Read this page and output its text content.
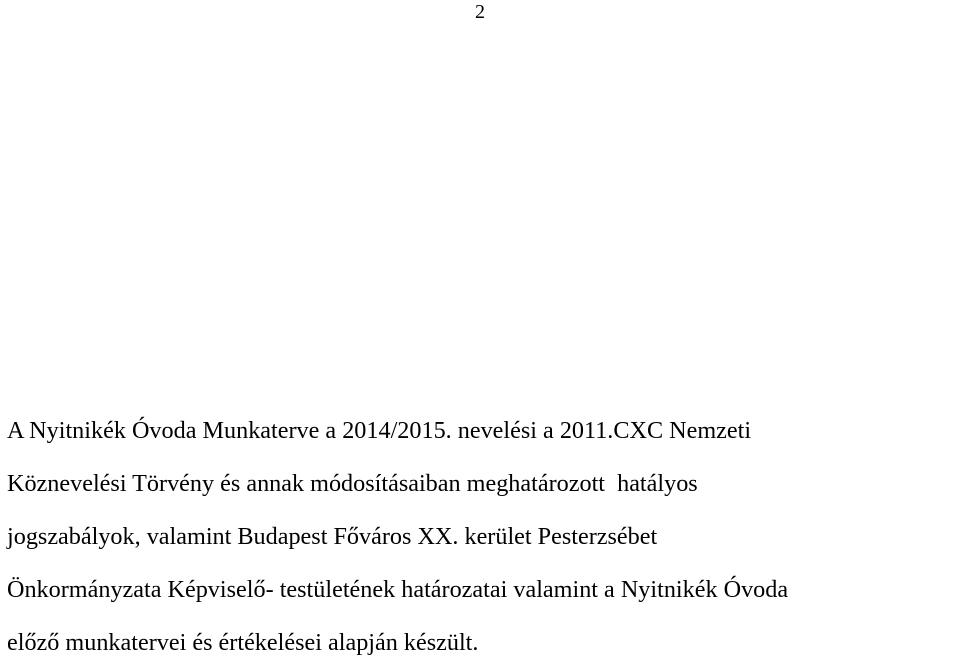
2
A Nyitnikék Óvoda Munkaterve a 2014/2015. nevelési a 2011.CXC Nemzeti
Köznevelési Törvény és annak módosításaiban meghatározott  hatályos
jogszabályok, valamint Budapest Főváros XX. kerület Pesterzsébet
Önkormányzata Képviselő- testületének határozatai valamint a Nyitnikék Óvoda
előző munkatervei és értékelései alapján készült.
